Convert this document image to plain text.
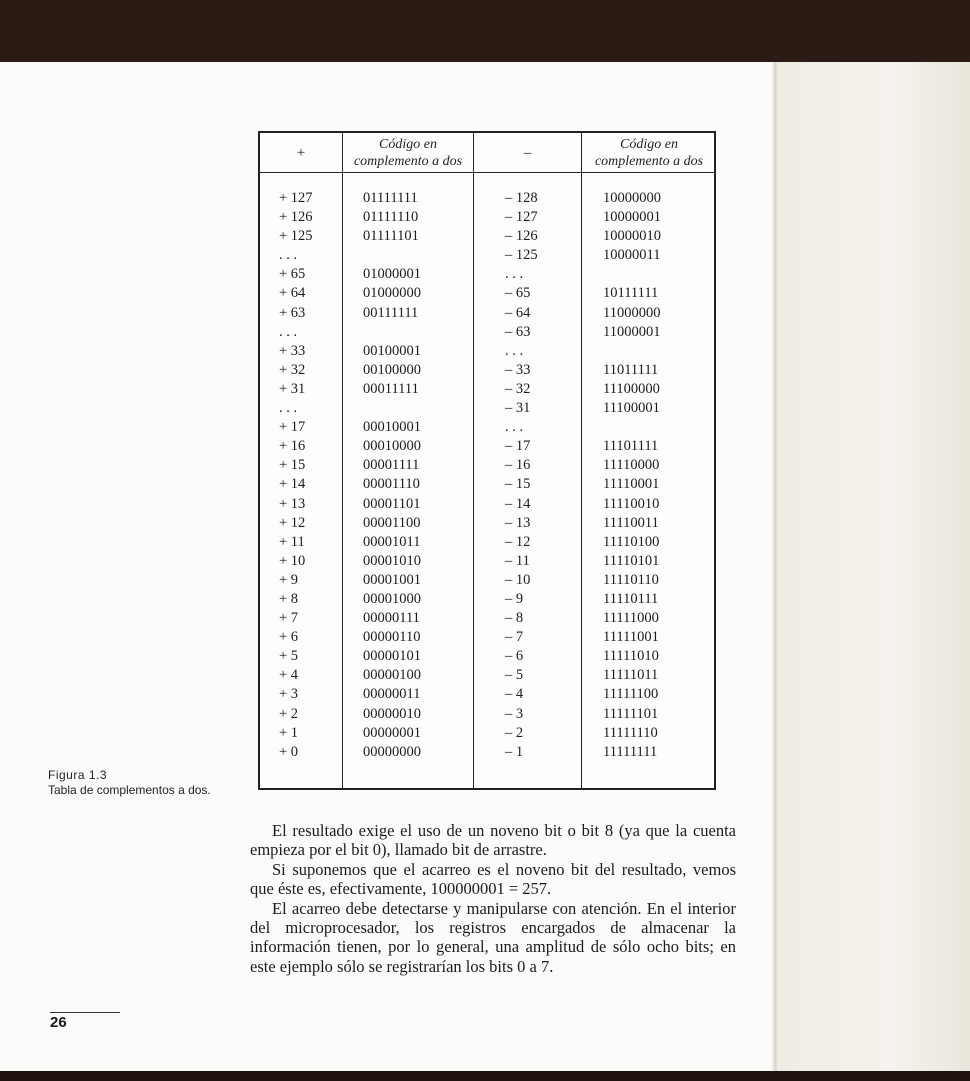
+	Código en
complemento a dos
–	Código en
complemento a dos
+ 127
+ 126
+ 125
. . .
+ 65
+ 64
+ 63
. . .
+ 33
+ 32
+ 31
. . .
+ 17
+ 16
+ 15
+ 14
+ 13
+ 12
+ 11
+ 10
+ 9
+ 8
+ 7
+ 6
+ 5
+ 4
+ 3
+ 2
+ 1
+ 0
01111111
01111110
01111101
01000001
01000000
00111111
00100001
00100000
00011111
00010001
00010000
00001111
00001110
00001101
00001100
00001011
00001010
00001001
00001000
00000111
00000110
00000101
00000100
00000011
00000010
00000001
00000000
– 128
– 127
– 126
– 125
. . .
– 65
– 64
– 63
. . .
– 33
– 32
– 31
. . .
– 17
– 16
– 15
– 14
– 13
– 12
– 11
– 10
– 9
– 8
– 7
– 6
– 5
– 4
– 3
– 2
– 1
10000000
10000001
10000010
10000011
10111111
11000000
11000001
11011111
11100000
11100001
11101111
11110000
11110001
11110010
11110011
11110100
11110101
11110110
11110111
11111000
11111001
11111010
11111011
11111100
11111101
11111110
11111111
Figura 1.3
Tabla de complementos a dos.

El resultado exige el uso de un noveno bit o bit 8 (ya que la cuenta empieza por el bit 0), llamado bit de arrastre.

Si suponemos que el acarreo es el noveno bit del resultado, vemos que éste es, efectivamente, 100000001 = 257.

El acarreo debe detectarse y manipularse con atención. En el interior del microprocesador, los registros encargados de almacenar la información tienen, por lo general, una amplitud de sólo ocho bits; en este ejemplo sólo se registrarían los bits 0 a 7.

26
